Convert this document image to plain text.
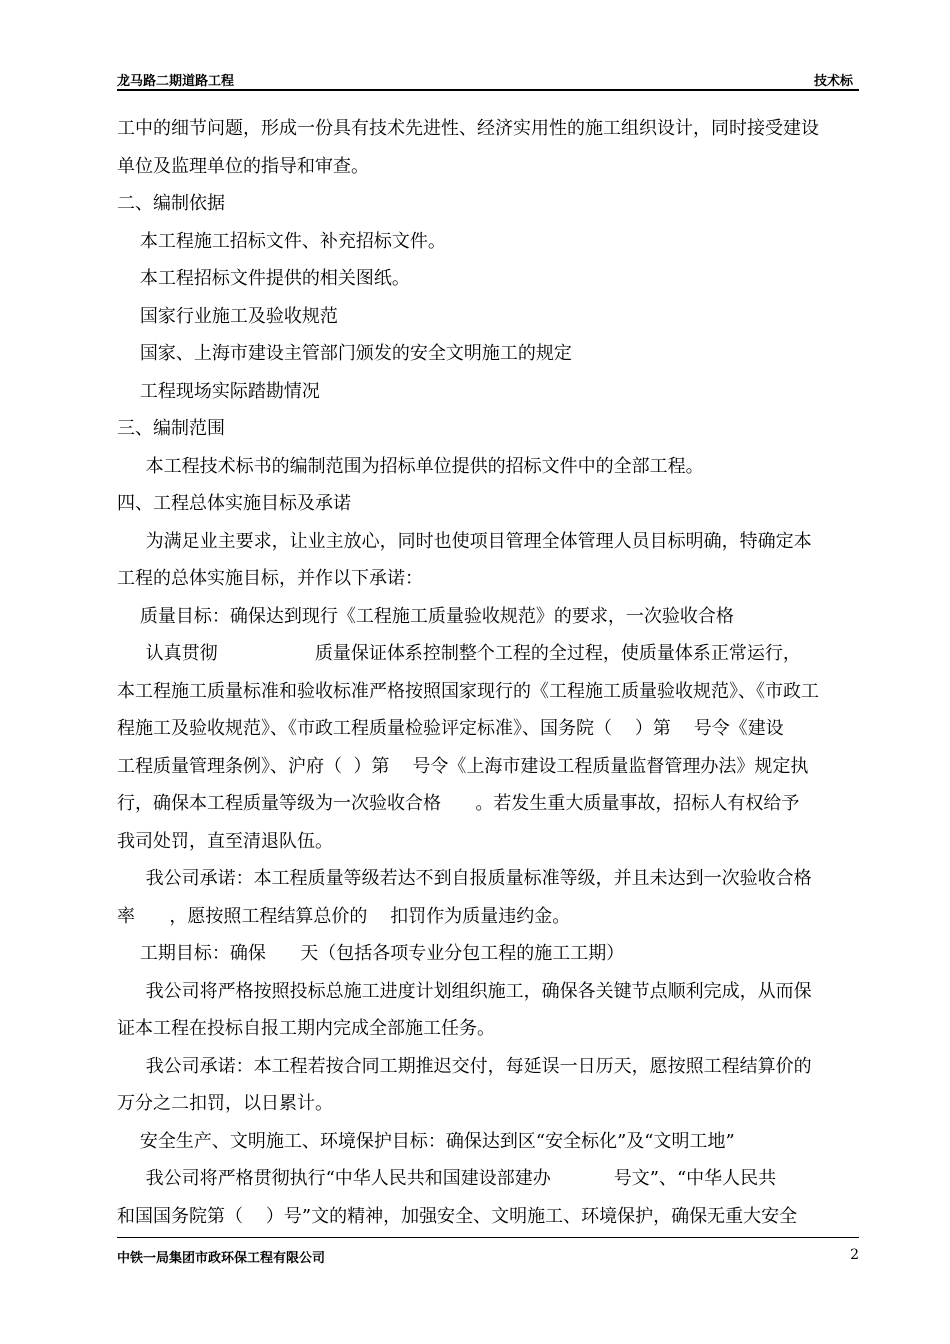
龙马路二期道路工程	技术标
工中的细节问题，形成一份具有技术先进性、经济实用性的施工组织设计，同时接受建设
单位及监理单位的指导和审查。
二、编制依据
本工程施工招标文件、补充招标文件。
本工程招标文件提供的相关图纸。
国家行业施工及验收规范
国家、上海市建设主管部门颁发的安全文明施工的规定
工程现场实际踏勘情况
三、编制范围
本工程技术标书的编制范围为招标单位提供的招标文件中的全部工程。
四、工程总体实施目标及承诺
为满足业主要求，让业主放心，同时也使项目管理全体管理人员目标明确，特确定本
工程的总体实施目标，并作以下承诺：
质量目标：确保达到现行《工程施工质量验收规范》的要求，一次验收合格
认真贯彻                 质量保证体系控制整个工程的全过程，使质量体系正常运行，
本工程施工质量标准和验收标准严格按照国家现行的《工程施工质量验收规范》、《市政工
程施工及验收规范》、《市政工程质量检验评定标准》、国务院（    ）第    号令《建设
工程质量管理条例》、沪府（  ）第    号令《上海市建设工程质量监督管理办法》规定执
行，确保本工程质量等级为一次验收合格      。若发生重大质量事故，招标人有权给予
我司处罚，直至清退队伍。
我公司承诺：本工程质量等级若达不到自报质量标准等级，并且未达到一次验收合格
率      ，愿按照工程结算总价的    扣罚作为质量违约金。
工期目标：确保      天（包括各项专业分包工程的施工工期）
我公司将严格按照投标总施工进度计划组织施工，确保各关键节点顺利完成，从而保
证本工程在投标自报工期内完成全部施工任务。
我公司承诺：本工程若按合同工期推迟交付，每延误一日历天，愿按照工程结算价的
万分之二扣罚，以日累计。
安全生产、文明施工、环境保护目标：确保达到区“安全标化”及“文明工地”
我公司将严格贯彻执行“中华人民共和国建设部建办           号文”、“中华人民共
和国国务院第（    ）号”文的精神，加强安全、文明施工、环境保护，确保无重大安全
中铁一局集团市政环保工程有限公司	2
